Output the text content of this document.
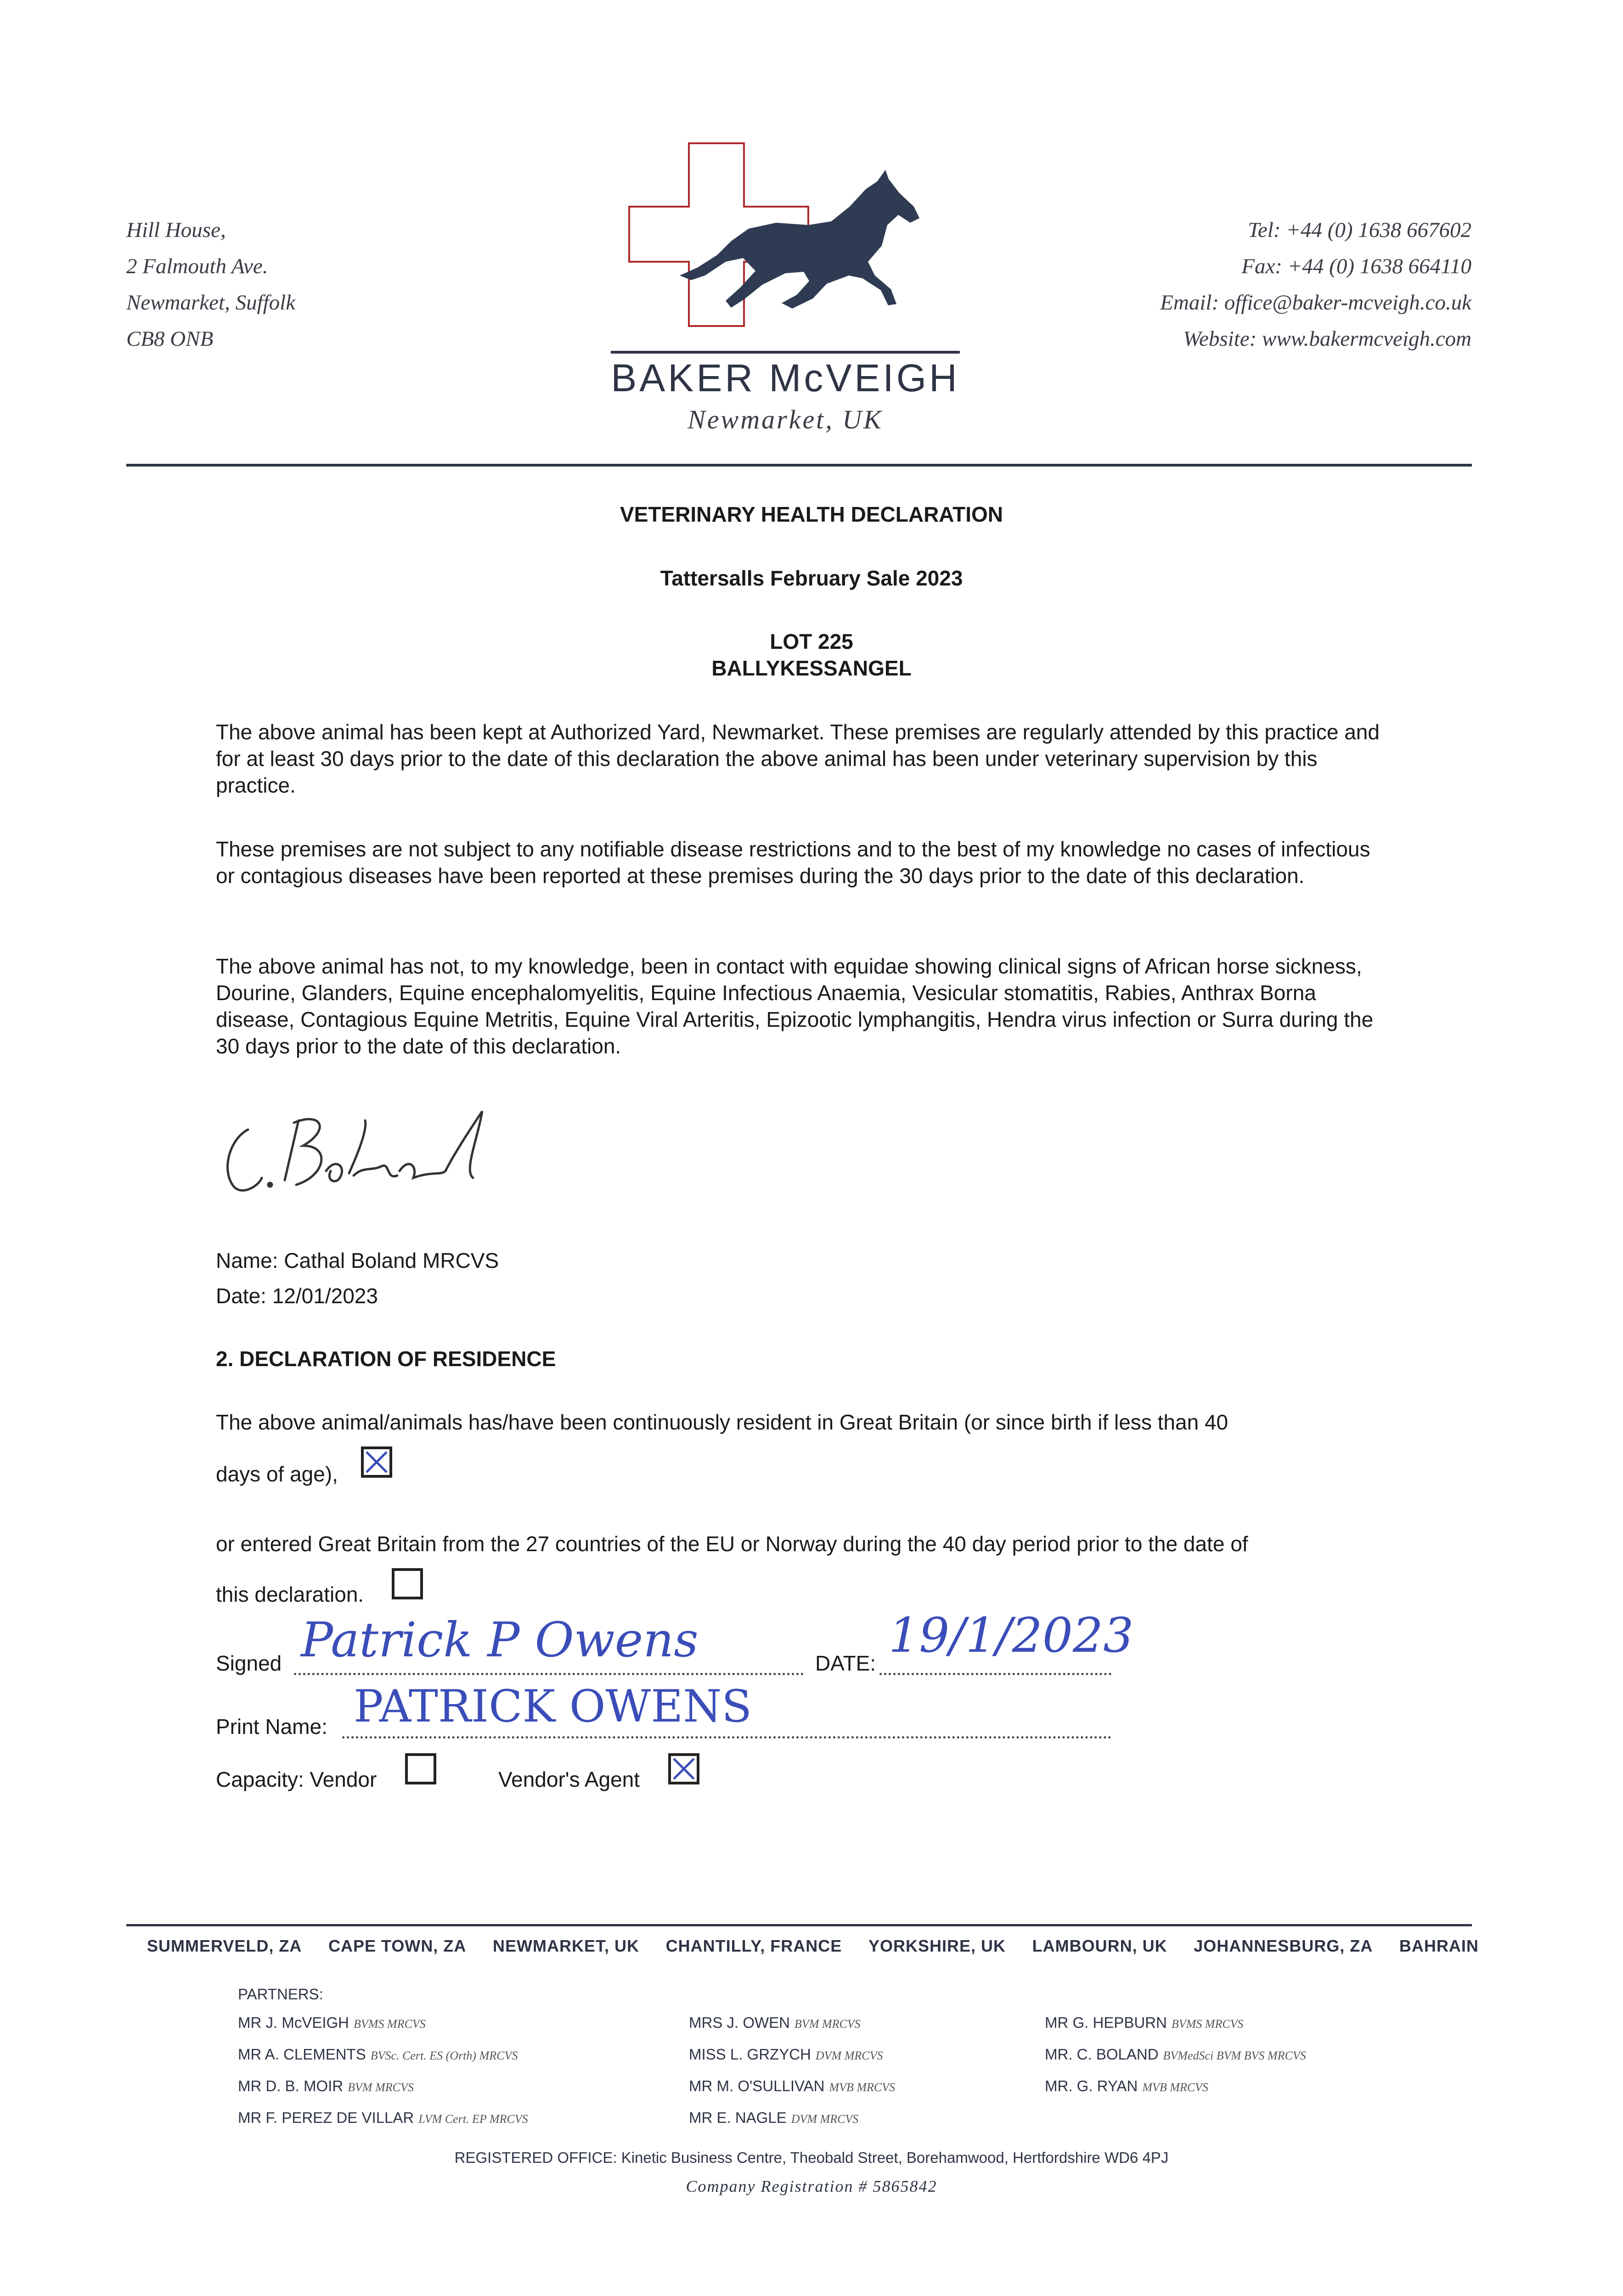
Hill House,
2 Falmouth Ave.
Newmarket, Suffolk
CB8 ONB
Tel: +44 (0) 1638 667602
Fax: +44 (0) 1638 664110
Email: office@baker-mcveigh.co.uk
Website: www.bakermcveigh.com
BAKER McVEIGH
Newmarket, UK
VETERINARY HEALTH DECLARATION
Tattersalls February Sale 2023
LOT 225
BALLYKESSANGEL
The above animal has been kept at Authorized Yard, Newmarket. These premises are regularly attended by this practice and for at least 30 days prior to the date of this declaration the above animal has been under veterinary supervision by this practice.
These premises are not subject to any notifiable disease restrictions and to the best of my knowledge no cases of infectious or contagious diseases have been reported at these premises during the 30 days prior to the date of this declaration.
The above animal has not, to my knowledge, been in contact with equidae showing clinical signs of African horse sickness, Dourine, Glanders, Equine encephalomyelitis, Equine Infectious Anaemia, Vesicular stomatitis, Rabies, Anthrax Borna disease, Contagious Equine Metritis, Equine Viral Arteritis, Epizootic lymphangitis, Hendra virus infection or Surra during the 30 days prior to the date of this declaration.
Name: Cathal Boland MRCVS
Date: 12/01/2023
2. DECLARATION OF RESIDENCE
The above animal/animals has/have been continuously resident in Great Britain (or since birth if less than 40
days of age),
or entered Great Britain from the 27 countries of the EU or Norway during the 40 day period prior to the date of
this declaration.
Signed Patrick P Owens	DATE: 19/1/2023
Print Name: PATRICK OWENS
Capacity: Vendor	Vendor's Agent
SUMMERVELD, ZA CAPE TOWN, ZA NEWMARKET, UK CHANTILLY, FRANCE YORKSHIRE, UK LAMBOURN, UK JOHANNESBURG, ZA BAHRAIN
PARTNERS:
MR J. McVEIGH BVMS MRCVS
MR A. CLEMENTS BVSc. Cert. ES (Orth) MRCVS
MR D. B. MOIR BVM MRCVS
MR F. PEREZ DE VILLAR LVM Cert. EP MRCVS
MRS J. OWEN BVM MRCVS
MISS L. GRZYCH DVM MRCVS
MR M. O'SULLIVAN MVB MRCVS
MR E. NAGLE DVM MRCVS
MR G. HEPBURN BVMS MRCVS
MR. C. BOLAND BVMedSci BVM BVS MRCVS
MR. G. RYAN MVB MRCVS
REGISTERED OFFICE: Kinetic Business Centre, Theobald Street, Borehamwood, Hertfordshire WD6 4PJ
Company Registration # 5865842
